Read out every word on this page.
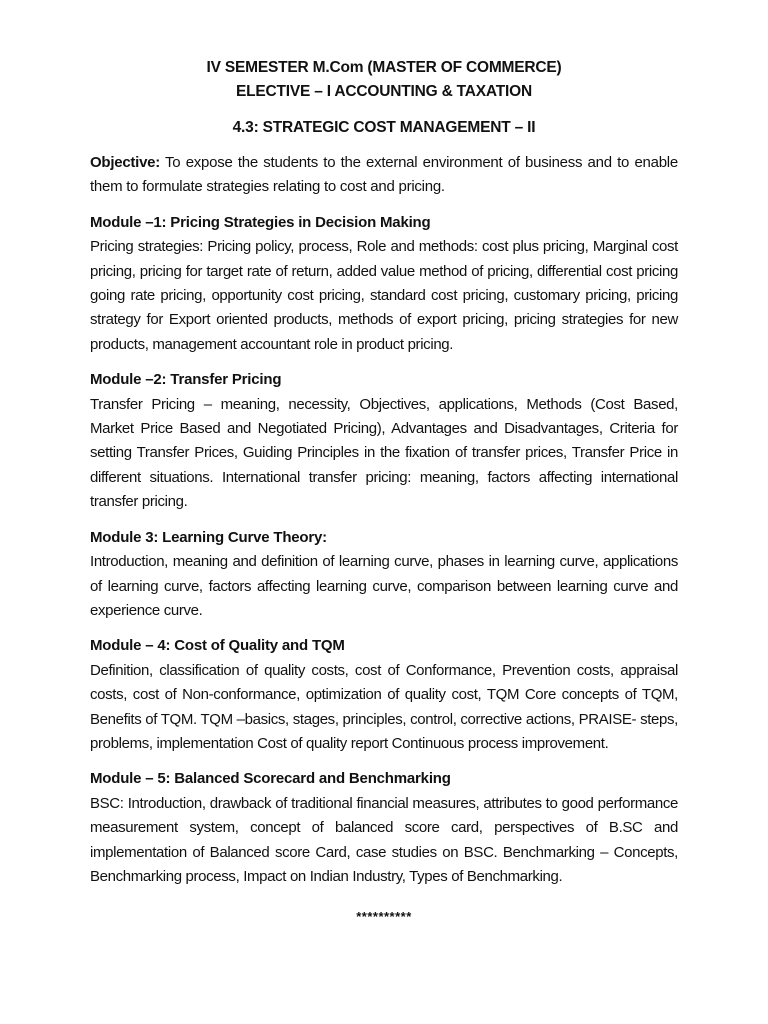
IV SEMESTER M.Com (MASTER OF COMMERCE)

ELECTIVE – I ACCOUNTING & TAXATION

4.3: STRATEGIC COST MANAGEMENT – II

Objective: To expose the students to the external environment of business and to enable them to formulate strategies relating to cost and pricing.

Module –1: Pricing Strategies in Decision Making

Pricing strategies: Pricing policy, process, Role and methods: cost plus pricing, Marginal cost pricing, pricing for target rate of return, added value method of pricing, differential cost pricing going rate pricing, opportunity cost pricing, standard cost pricing, customary pricing, pricing strategy for Export oriented products, methods of export pricing, pricing strategies for new products, management accountant role in product pricing.

Module –2: Transfer Pricing

Transfer Pricing – meaning, necessity, Objectives, applications, Methods (Cost Based, Market Price Based and Negotiated Pricing), Advantages and Disadvantages, Criteria for setting Transfer Prices, Guiding Principles in the fixation of transfer prices, Transfer Price in different situations. International transfer pricing: meaning, factors affecting international transfer pricing.

Module 3: Learning Curve Theory:

Introduction, meaning and definition of learning curve, phases in learning curve, applications of learning curve, factors affecting learning curve, comparison between learning curve and experience curve.

Module – 4: Cost of Quality and TQM

Definition, classification of quality costs, cost of Conformance, Prevention costs, appraisal costs, cost of Non-conformance, optimization of quality cost, TQM Core concepts of TQM, Benefits of TQM. TQM –basics, stages, principles, control, corrective actions, PRAISE- steps, problems, implementation Cost of quality report Continuous process improvement.

Module – 5: Balanced Scorecard and Benchmarking

BSC: Introduction, drawback of traditional financial measures, attributes to good performance measurement system, concept of balanced score card, perspectives of B.SC and implementation of Balanced score Card, case studies on BSC. Benchmarking – Concepts, Benchmarking process, Impact on Indian Industry, Types of Benchmarking.

**********
